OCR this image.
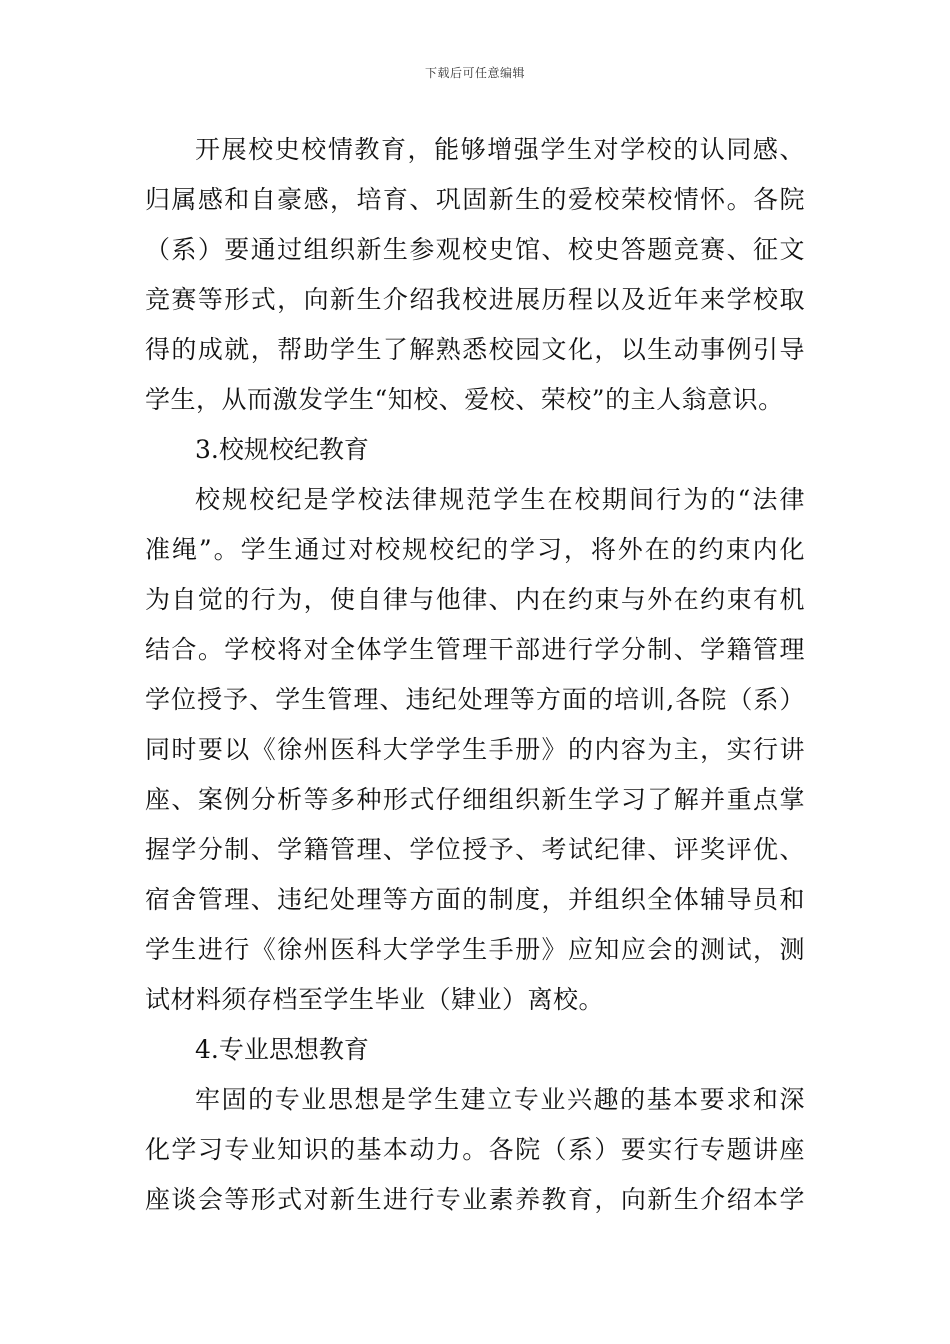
下载后可任意编辑
开展校史校情教育，能够增强学生对学校的认同感、
归属感和自豪感，培育、巩固新生的爱校荣校情怀。各院
（系）要通过组织新生参观校史馆、校史答题竞赛、征文
竞赛等形式，向新生介绍我校进展历程以及近年来学校取
得的成就，帮助学生了解熟悉校园文化，以生动事例引导
学生，从而激发学生“知校、爱校、荣校”的主人翁意识。
3.校规校纪教育
校规校纪是学校法律规范学生在校期间行为的“法律
准绳”。学生通过对校规校纪的学习，将外在的约束内化
为自觉的行为，使自律与他律、内在约束与外在约束有机
结合。学校将对全体学生管理干部进行学分制、学籍管理
学位授予、学生管理、违纪处理等方面的培训,各院（系）
同时要以《徐州医科大学学生手册》的内容为主，实行讲
座、案例分析等多种形式仔细组织新生学习了解并重点掌
握学分制、学籍管理、学位授予、考试纪律、评奖评优、
宿舍管理、违纪处理等方面的制度，并组织全体辅导员和
学生进行《徐州医科大学学生手册》应知应会的测试，测
试材料须存档至学生毕业（肄业）离校。
4.专业思想教育
牢固的专业思想是学生建立专业兴趣的基本要求和深
化学习专业知识的基本动力。各院（系）要实行专题讲座
座谈会等形式对新生进行专业素养教育，向新生介绍本学
